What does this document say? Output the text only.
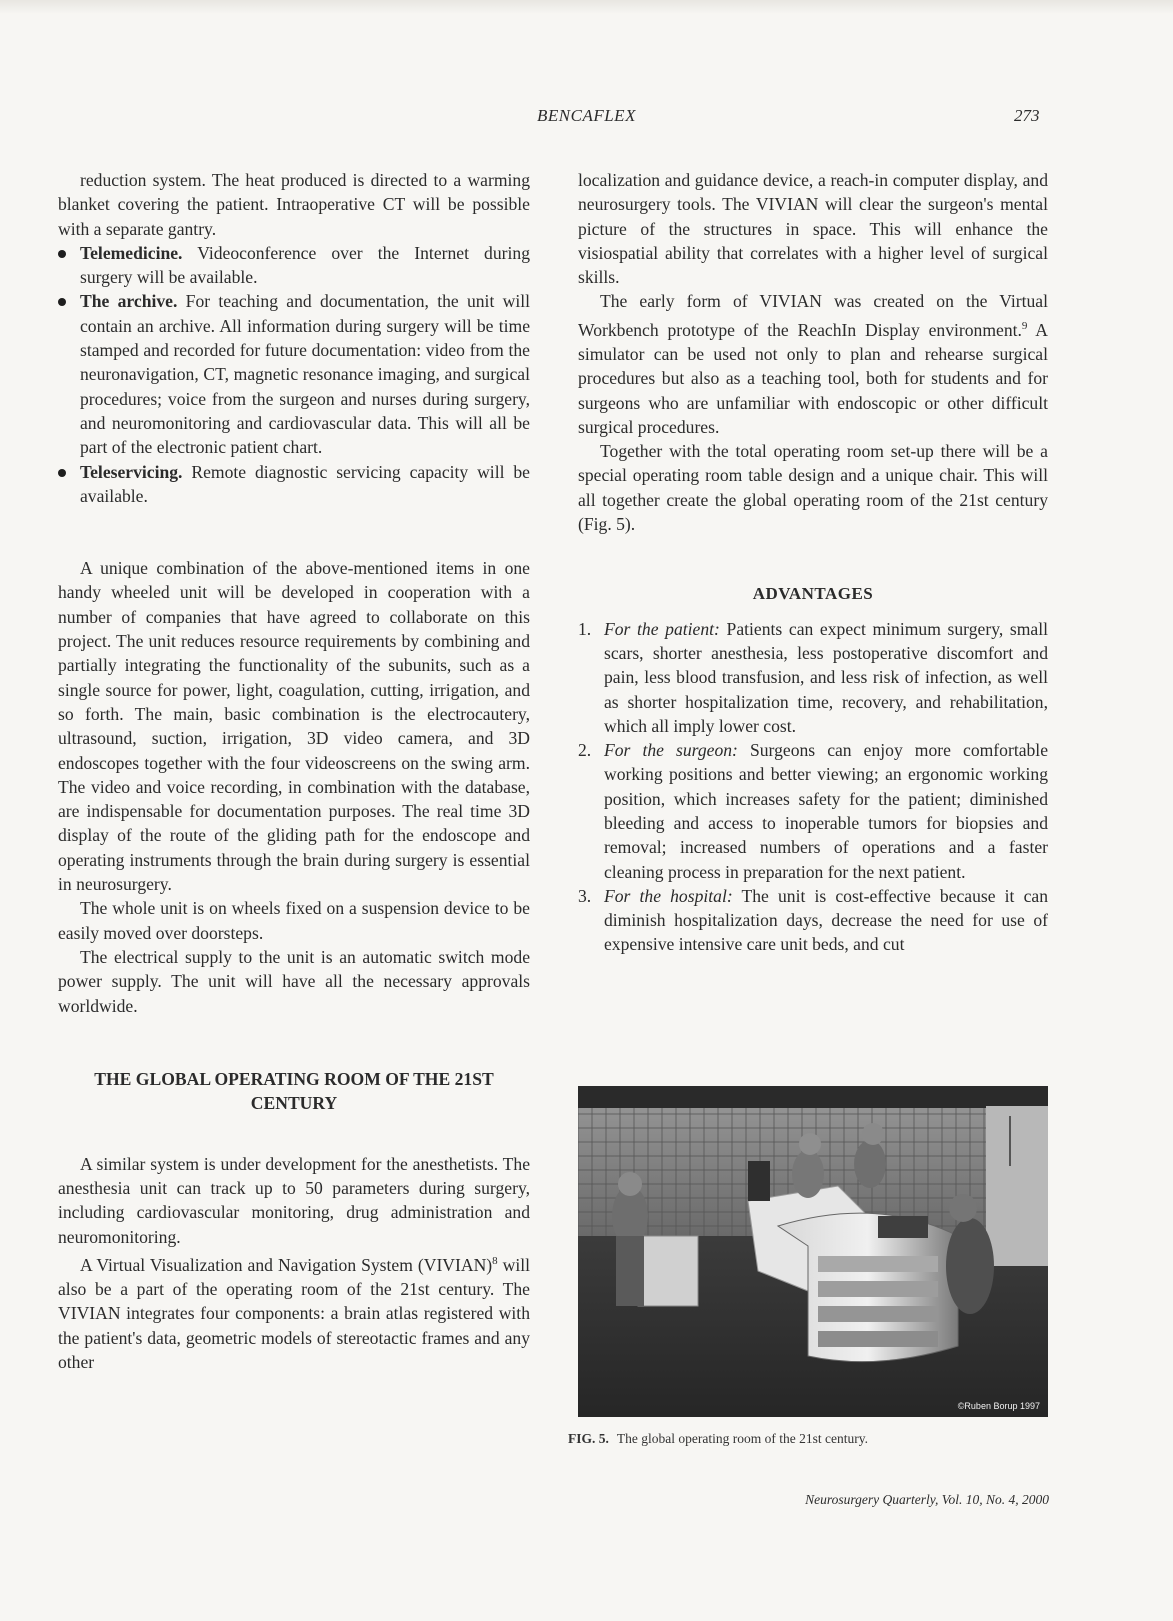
BENCAFLEX	273

reduction system. The heat produced is directed to a warming blanket covering the patient. Intraoperative CT will be possible with a separate gantry.

Telemedicine. Videoconference over the Internet during surgery will be available.
The archive. For teaching and documentation, the unit will contain an archive. All information during surgery will be time stamped and recorded for future documentation: video from the neuronavigation, CT, magnetic resonance imaging, and surgical procedures; voice from the surgeon and nurses during surgery, and neuromonitoring and cardiovascular data. This will all be part of the electronic patient chart.
Teleservicing. Remote diagnostic servicing capacity will be available.

A unique combination of the above-mentioned items in one handy wheeled unit will be developed in cooperation with a number of companies that have agreed to collaborate on this project. The unit reduces resource requirements by combining and partially integrating the functionality of the subunits, such as a single source for power, light, coagulation, cutting, irrigation, and so forth. The main, basic combination is the electrocautery, ultrasound, suction, irrigation, 3D video camera, and 3D endoscopes together with the four videoscreens on the swing arm. The video and voice recording, in combination with the database, are indispensable for documentation purposes. The real time 3D display of the route of the gliding path for the endoscope and operating instruments through the brain during surgery is essential in neurosurgery.

The whole unit is on wheels fixed on a suspension device to be easily moved over doorsteps.

The electrical supply to the unit is an automatic switch mode power supply. The unit will have all the necessary approvals worldwide.

THE GLOBAL OPERATING ROOM OF THE 21ST CENTURY

A similar system is under development for the anesthetists. The anesthesia unit can track up to 50 parameters during surgery, including cardiovascular monitoring, drug administration and neuromonitoring.

A Virtual Visualization and Navigation System (VIVIAN)$^8$ will also be a part of the operating room of the 21st century. The VIVIAN integrates four components: a brain atlas registered with the patient's data, geometric models of stereotactic frames and any other

localization and guidance device, a reach-in computer display, and neurosurgery tools. The VIVIAN will clear the surgeon's mental picture of the structures in space. This will enhance the visiospatial ability that correlates with a higher level of surgical skills.

The early form of VIVIAN was created on the Virtual Workbench prototype of the ReachIn Display environment.$^9$ A simulator can be used not only to plan and rehearse surgical procedures but also as a teaching tool, both for students and for surgeons who are unfamiliar with endoscopic or other difficult surgical procedures.

Together with the total operating room set-up there will be a special operating room table design and a unique chair. This will all together create the global operating room of the 21st century (Fig. 5).

ADVANTAGES
1. For the patient: Patients can expect minimum surgery, small scars, shorter anesthesia, less postoperative discomfort and pain, less blood transfusion, and less risk of infection, as well as shorter hospitalization time, recovery, and rehabilitation, which all imply lower cost.
2. For the surgeon: Surgeons can enjoy more comfortable working positions and better viewing; an ergonomic working position, which increases safety for the patient; diminished bleeding and access to inoperable tumors for biopsies and removal; increased numbers of operations and a faster cleaning process in preparation for the next patient.
3. For the hospital: The unit is cost-effective because it can diminish hospitalization days, decrease the need for use of expensive intensive care unit beds, and cut
©Ruben Borup 1997
FIG. 5. The global operating room of the 21st century.
Neurosurgery Quarterly, Vol. 10, No. 4, 2000
